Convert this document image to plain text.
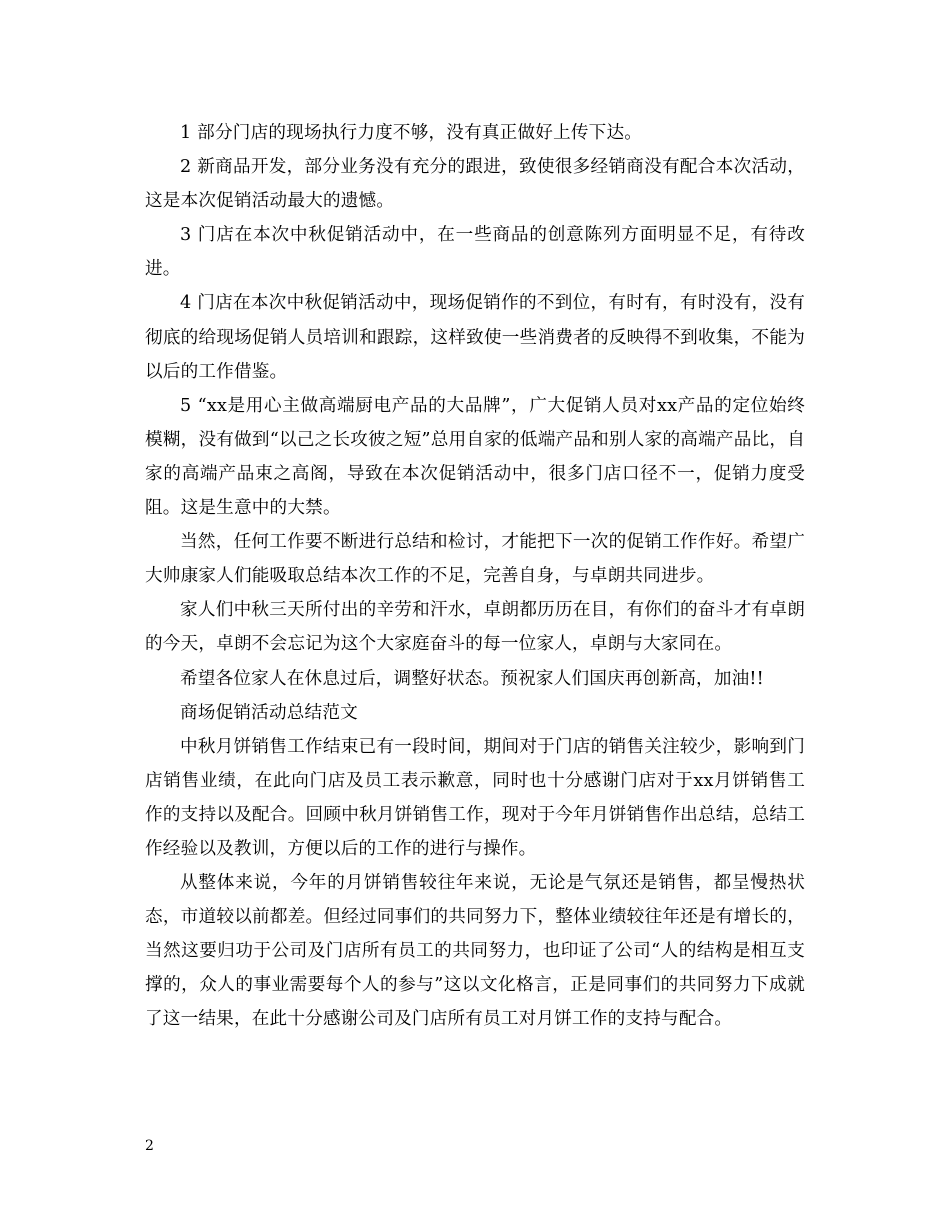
1 部分门店的现场执行力度不够，没有真正做好上传下达。

2 新商品开发，部分业务没有充分的跟进，致使很多经销商没有配合本次活动，这是本次促销活动最大的遗憾。

3 门店在本次中秋促销活动中，在一些商品的创意陈列方面明显不足，有待改进。

4 门店在本次中秋促销活动中，现场促销作的不到位，有时有，有时没有，没有彻底的给现场促销人员培训和跟踪，这样致使一些消费者的反映得不到收集，不能为以后的工作借鉴。

5 “xx是用心主做高端厨电产品的大品牌”，广大促销人员对xx产品的定位始终模糊，没有做到“以己之长攻彼之短”总用自家的低端产品和别人家的高端产品比，自家的高端产品束之高阁，导致在本次促销活动中，很多门店口径不一，促销力度受阻。这是生意中的大禁。

当然，任何工作要不断进行总结和检讨，才能把下一次的促销工作作好。希望广大帅康家人们能吸取总结本次工作的不足，完善自身，与卓朗共同进步。

家人们中秋三天所付出的辛劳和汗水，卓朗都历历在目，有你们的奋斗才有卓朗的今天，卓朗不会忘记为这个大家庭奋斗的每一位家人，卓朗与大家同在。

希望各位家人在休息过后，调整好状态。预祝家人们国庆再创新高，加油!!

商场促销活动总结范文

中秋月饼销售工作结束已有一段时间，期间对于门店的销售关注较少，影响到门店销售业绩，在此向门店及员工表示歉意，同时也十分感谢门店对于xx月饼销售工作的支持以及配合。回顾中秋月饼销售工作，现对于今年月饼销售作出总结，总结工作经验以及教训，方便以后的工作的进行与操作。

从整体来说，今年的月饼销售较往年来说，无论是气氛还是销售，都呈慢热状态，市道较以前都差。但经过同事们的共同努力下，整体业绩较往年还是有增长的，当然这要归功于公司及门店所有员工的共同努力，也印证了公司“人的结构是相互支撑的，众人的事业需要每个人的参与”这以文化格言，正是同事们的共同努力下成就了这一结果，在此十分感谢公司及门店所有员工对月饼工作的支持与配合。

2
